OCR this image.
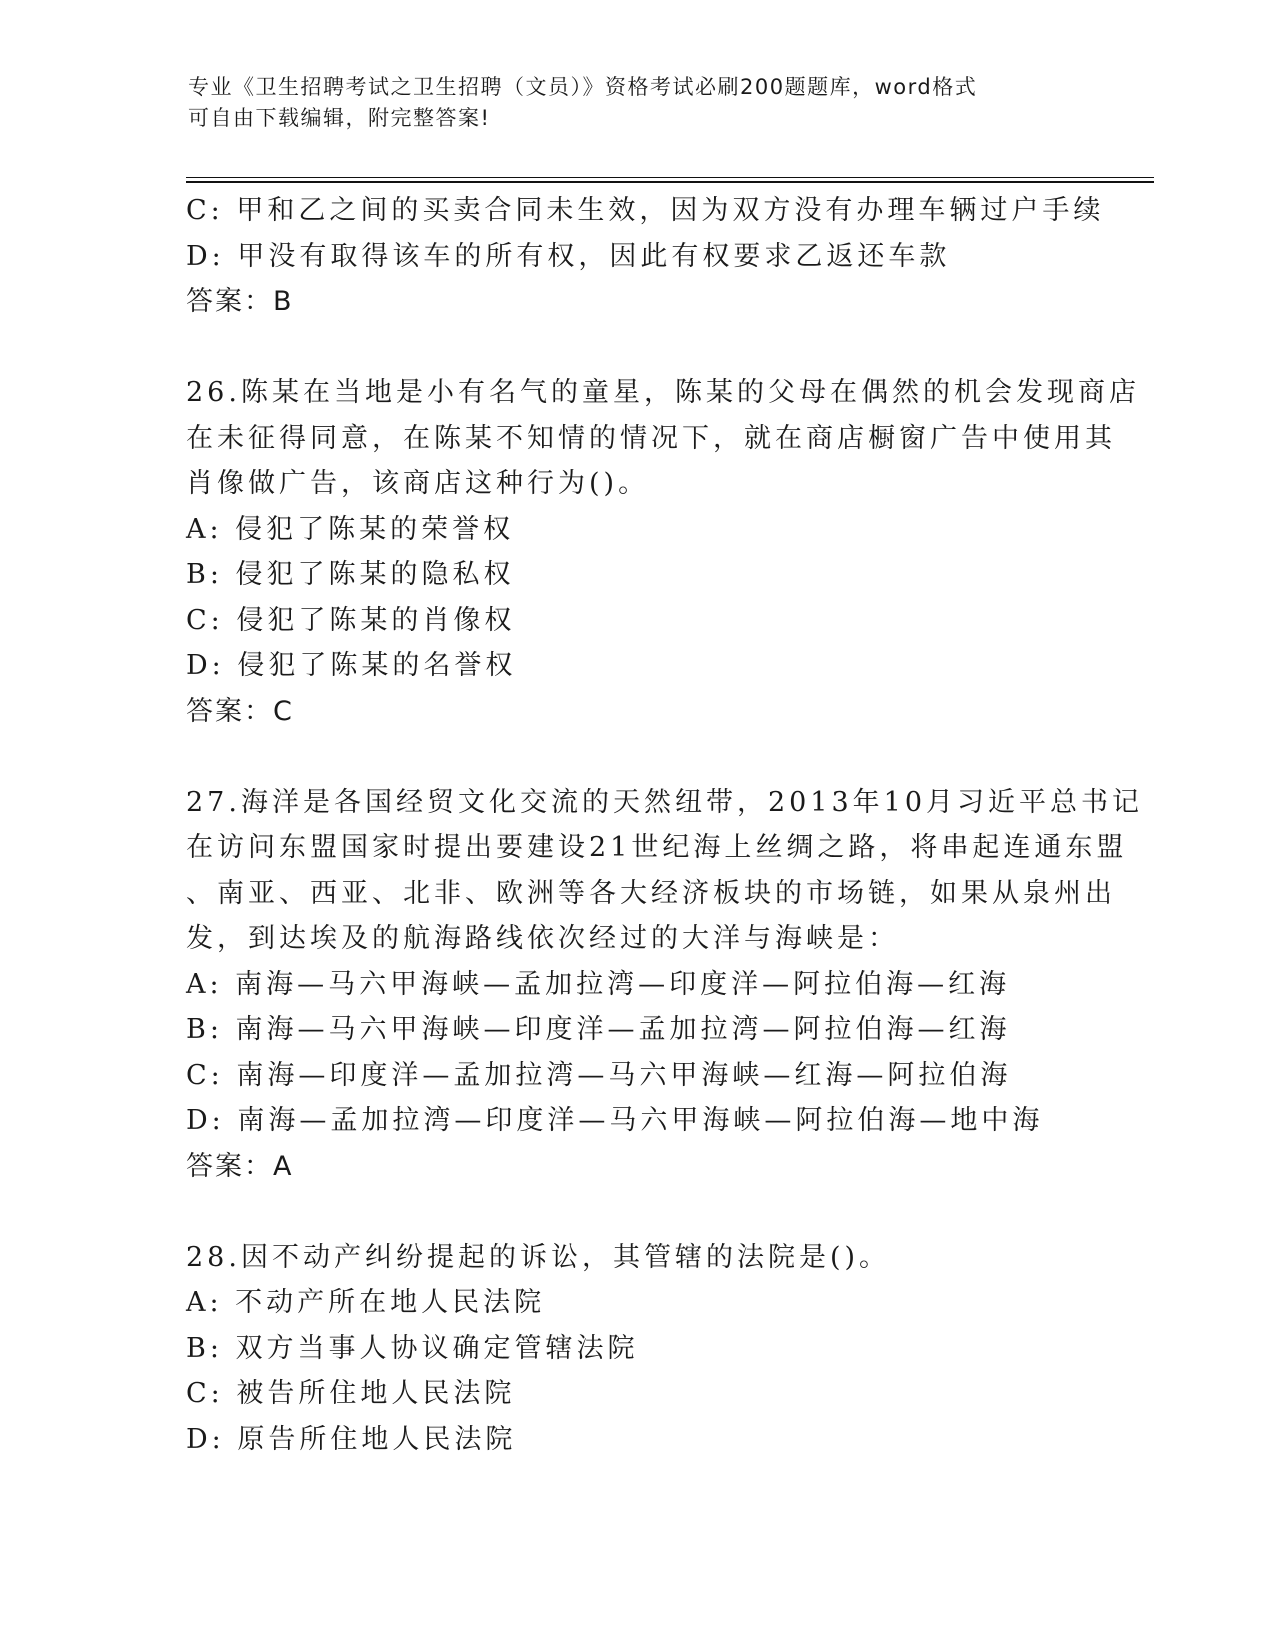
专业《卫生招聘考试之卫生招聘（文员）》资格考试必刷200题题库，word格式
可自由下载编辑，附完整答案!
C: 甲和乙之间的买卖合同未生效，因为双方没有办理车辆过户手续
D: 甲没有取得该车的所有权，因此有权要求乙返还车款
答案：B
26.陈某在当地是小有名气的童星，陈某的父母在偶然的机会发现商店
在未征得同意，在陈某不知情的情况下，就在商店橱窗广告中使用其
肖像做广告，该商店这种行为()。
A: 侵犯了陈某的荣誉权
B: 侵犯了陈某的隐私权
C: 侵犯了陈某的肖像权
D: 侵犯了陈某的名誉权
答案：C
27.海洋是各国经贸文化交流的天然纽带，2013年10月习近平总书记
在访问东盟国家时提出要建设21世纪海上丝绸之路，将串起连通东盟
、南亚、西亚、北非、欧洲等各大经济板块的市场链，如果从泉州出
发，到达埃及的航海路线依次经过的大洋与海峡是：
A: 南海—马六甲海峡—孟加拉湾—印度洋—阿拉伯海—红海
B: 南海—马六甲海峡—印度洋—孟加拉湾—阿拉伯海—红海
C: 南海—印度洋—孟加拉湾—马六甲海峡—红海—阿拉伯海
D: 南海—孟加拉湾—印度洋—马六甲海峡—阿拉伯海—地中海
答案：A
28.因不动产纠纷提起的诉讼，其管辖的法院是()。
A: 不动产所在地人民法院
B: 双方当事人协议确定管辖法院
C: 被告所住地人民法院
D: 原告所住地人民法院
